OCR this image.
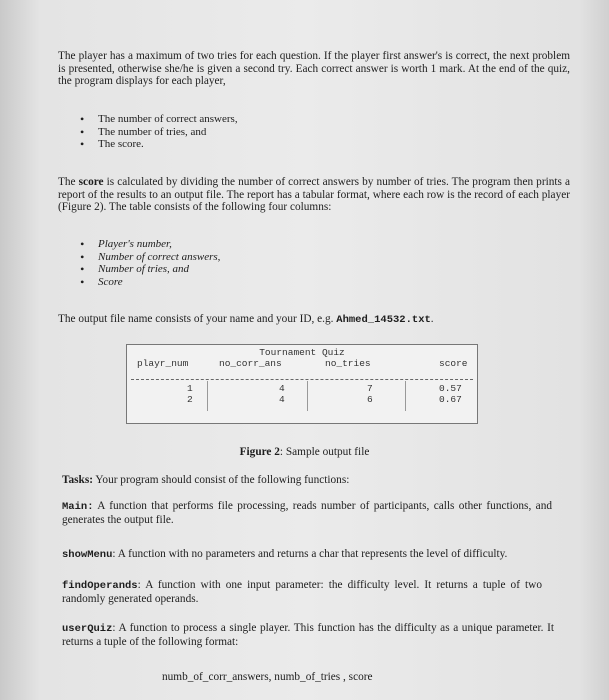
The player has a maximum of two tries for each question. If the player first answer's is correct, the next problem is presented, otherwise she/he is given a second try. Each correct answer is worth 1 mark. At the end of the quiz, the program displays for each player,
• The number of correct answers,
• The number of tries, and
• The score.
The score is calculated by dividing the number of correct answers by number of tries. The program then prints a report of the results to an output file. The report has a tabular format, where each row is the record of each player (Figure 2). The table consists of the following four columns:
• Player's number,
• Number of correct answers,
• Number of tries, and
• Score
The output file name consists of your name and your ID, e.g. Ahmed_14532.txt.
Tournament Quiz
playr_num	no_corr_ans	no_tries	score
1	4	7	0.57
2	4	6	0.67
Figure 2: Sample output file
Tasks: Your program should consist of the following functions:
Main: A function that performs file processing, reads number of participants, calls other functions, and generates the output file.
showMenu: A function with no parameters and returns a char that represents the level of difficulty.
findOperands: A function with one input parameter: the difficulty level. It returns a tuple of two randomly generated operands.
userQuiz: A function to process a single player. This function has the difficulty as a unique parameter. It returns a tuple of the following format:
numb_of_corr_answers, numb_of_tries , score
